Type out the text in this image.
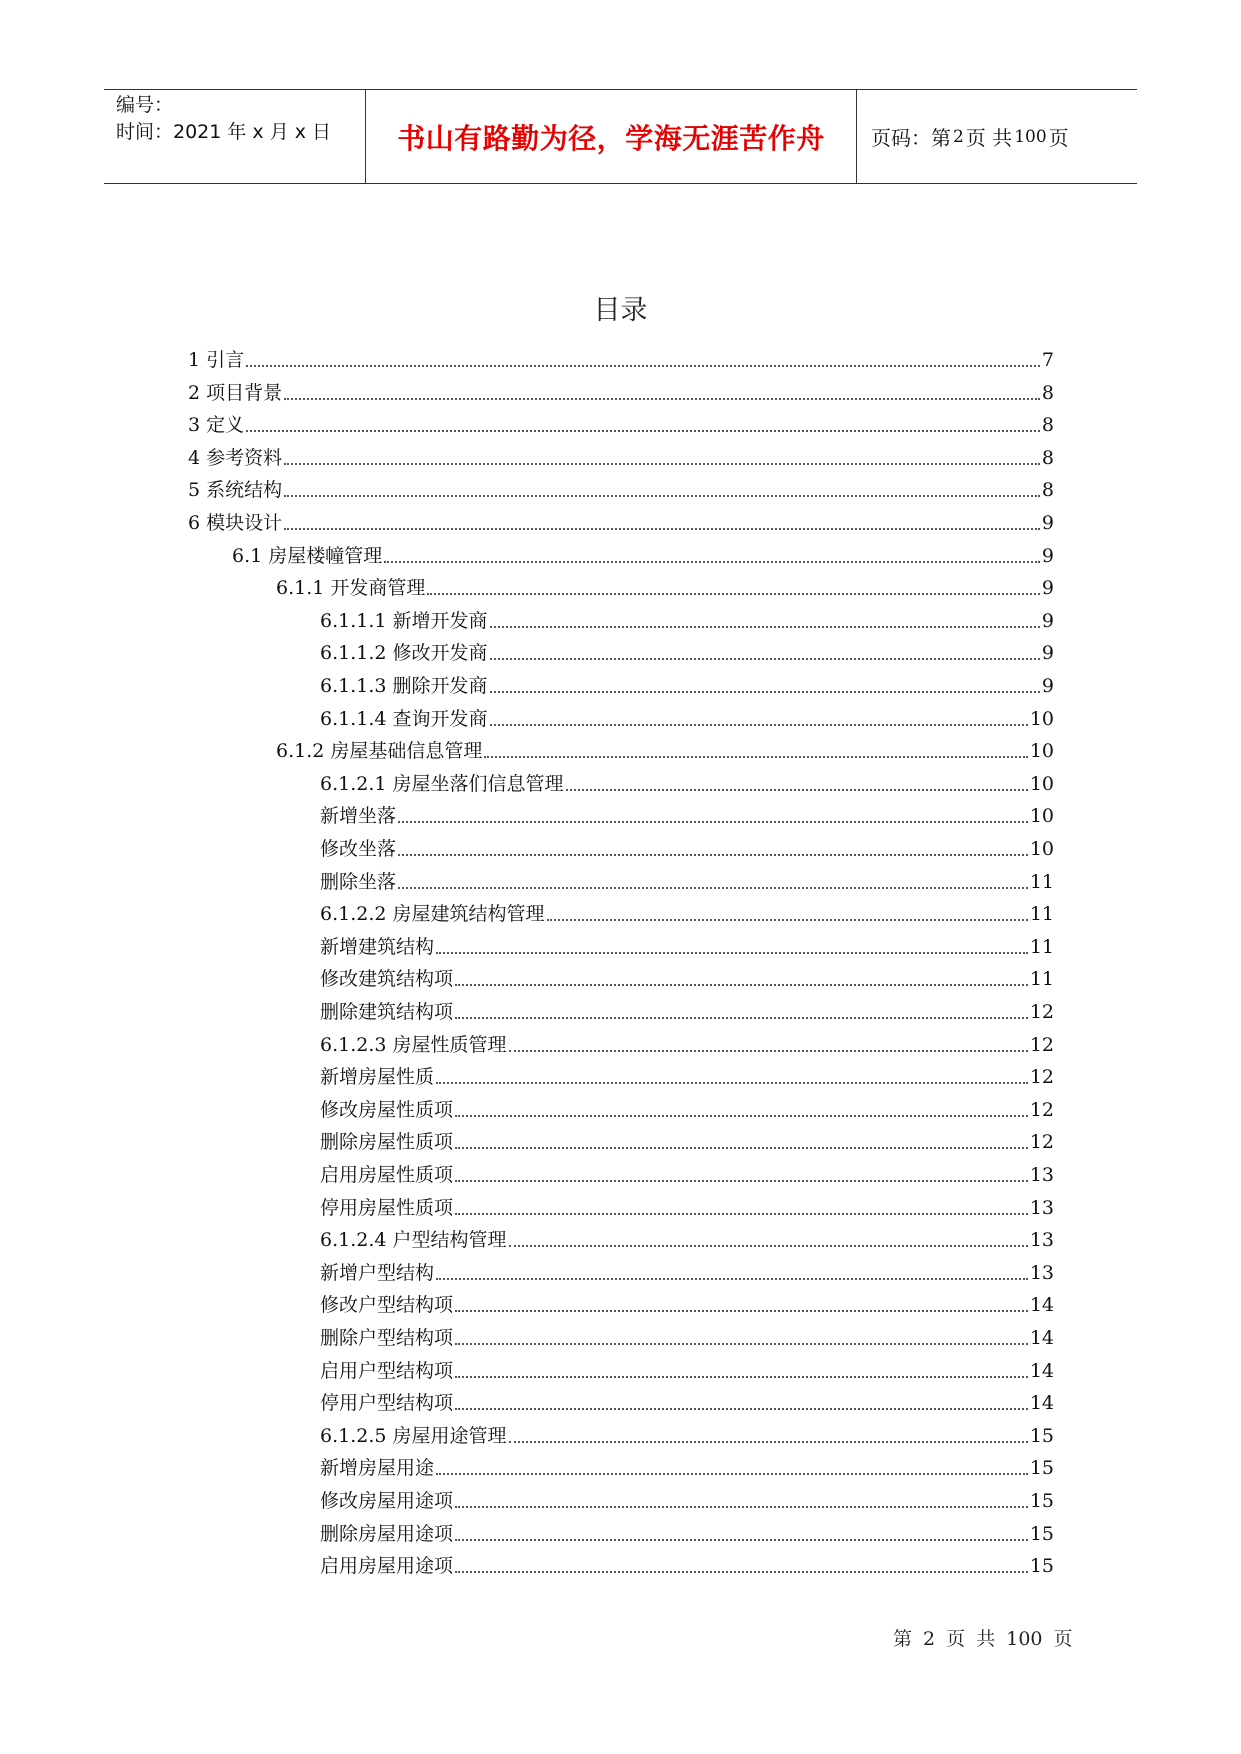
编号：
时间：2021 年 x 月 x 日	书山有路勤为径，学海无涯苦作舟	页码：第 2 页 共 100 页
目录
1 引言	7
2 项目背景	8
3 定义	8
4 参考资料	8
5 系统结构	8
6 模块设计	9
6.1 房屋楼幢管理	9
6.1.1 开发商管理	9
6.1.1.1 新增开发商	9
6.1.1.2 修改开发商	9
6.1.1.3 删除开发商	9
6.1.1.4 查询开发商	10
6.1.2 房屋基础信息管理	10
6.1.2.1 房屋坐落们信息管理	10
新增坐落	10
修改坐落	10
删除坐落	11
6.1.2.2 房屋建筑结构管理	11
新增建筑结构	11
修改建筑结构项	11
删除建筑结构项	12
6.1.2.3 房屋性质管理	12
新增房屋性质	12
修改房屋性质项	12
删除房屋性质项	12
启用房屋性质项	13
停用房屋性质项	13
6.1.2.4 户型结构管理	13
新增户型结构	13
修改户型结构项	14
删除户型结构项	14
启用户型结构项	14
停用户型结构项	14
6.1.2.5 房屋用途管理	15
新增房屋用途	15
修改房屋用途项	15
删除房屋用途项	15
启用房屋用途项	15
第 2 页 共 100 页
